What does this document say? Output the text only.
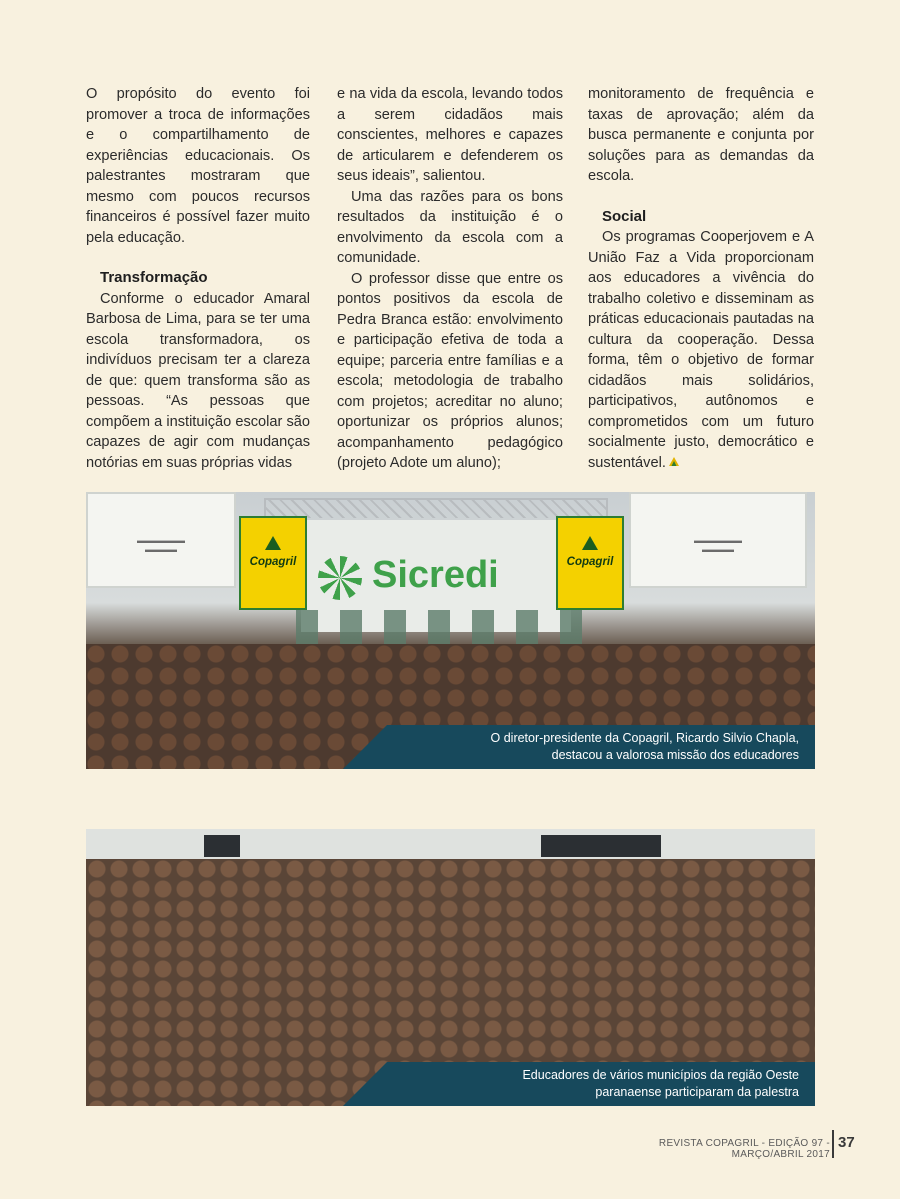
O propósito do evento foi promover a troca de informações e o compartilhamento de experiências educacionais. Os palestrantes mostraram que mesmo com poucos recursos financeiros é possível fazer muito pela educação.

Transformação

Conforme o educador Amaral Barbosa de Lima, para se ter uma escola transformadora, os indivíduos precisam ter a clareza de que: quem transforma são as pessoas. “As pessoas que compõem a instituição escolar são capazes de agir com mudanças notórias em suas próprias vidas

e na vida da escola, levando todos a serem cidadãos mais conscientes, melhores e capazes de articularem e defenderem os seus ideais”, salientou.

Uma das razões para os bons resultados da instituição é o envolvimento da escola com a comunidade.

O professor disse que entre os pontos positivos da escola de Pedra Branca estão: envolvimento e participação efetiva de toda a equipe; parceria entre famílias e a escola; metodologia de trabalho com projetos; acreditar no aluno; oportunizar os próprios alunos; acompanhamento pedagógico (projeto Adote um aluno);

monitoramento de frequência e taxas de aprovação; além da busca permanente e conjunta por soluções para as demandas da escola.

Social

Os programas Cooperjovem e A União Faz a Vida proporcionam aos educadores a vivência do trabalho coletivo e disseminam as práticas educacionais pautadas na cultura da cooperação. Dessa forma, têm o objetivo de formar cidadãos mais solidários, participativos, autônomos e comprometidos com um futuro socialmente justo, democrático e sustentável.

▬▬▬▬▬▬
▬▬▬▬
▬▬▬▬▬▬
▬▬▬▬
Sicredi
Copagril	Copagril
O diretor-presidente da Copagril, Ricardo Silvio Chapla,
destacou a valorosa missão dos educadores
Educadores de vários municípios da região Oeste
paranaense participaram da palestra
REVISTA COPAGRIL - EDIÇÃO 97 - MARÇO/ABRIL 2017
37
